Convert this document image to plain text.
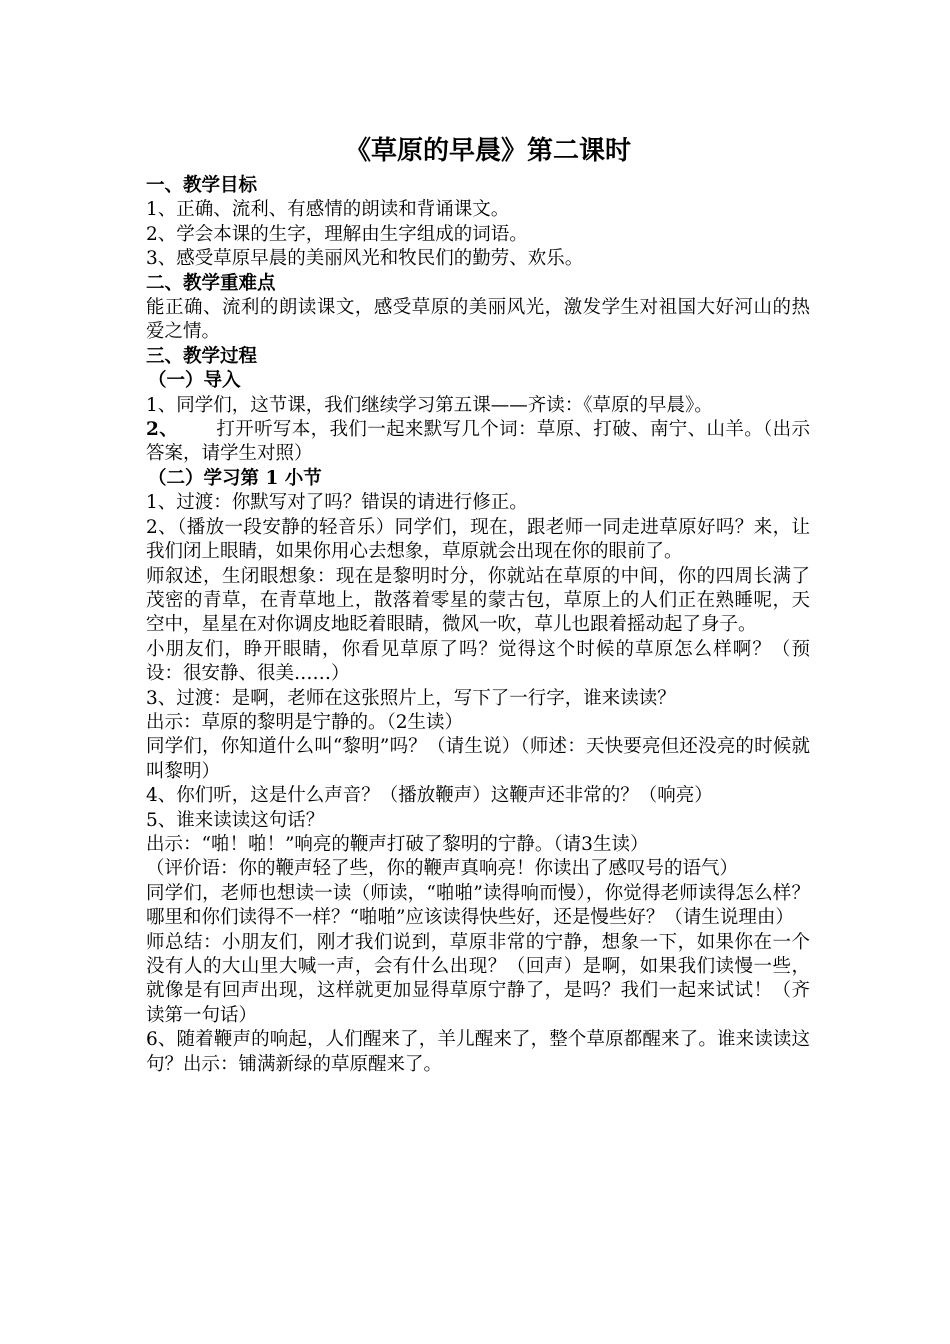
《草原的早晨》第二课时
一、教学目标
1、正确、流利、有感情的朗读和背诵课文。
2、学会本课的生字，理解由生字组成的词语。
3、感受草原早晨的美丽风光和牧民们的勤劳、欢乐。
二、教学重难点

能正确、流利的朗读课文，感受草原的美丽风光，激发学生对祖国大好河山的热爱之情。

三、教学过程
（一）导入

1、同学们，这节课，我们继续学习第五课——齐读：《草原的早晨》。

2、 打开听写本，我们一起来默写几个词：草原、打破、南宁、山羊。（出示答案，请学生对照）

（二）学习第 1 小节

1、过渡：你默写对了吗？错误的请进行修正。

2、（播放一段安静的轻音乐）同学们，现在，跟老师一同走进草原好吗？来，让我们闭上眼睛，如果你用心去想象，草原就会出现在你的眼前了。

师叙述，生闭眼想象：现在是黎明时分，你就站在草原的中间，你的四周长满了茂密的青草，在青草地上，散落着零星的蒙古包，草原上的人们正在熟睡呢，天空中，星星在对你调皮地眨着眼睛，微风一吹，草儿也跟着摇动起了身子。

小朋友们，睁开眼睛，你看见草原了吗？觉得这个时候的草原怎么样啊？（预设：很安静、很美……）

3、过渡：是啊，老师在这张照片上，写下了一行字，谁来读读？

出示：草原的黎明是宁静的。（2生读）

同学们，你知道什么叫“黎明”吗？（请生说）（师述：天快要亮但还没亮的时候就叫黎明）

4、你们听，这是什么声音？（播放鞭声）这鞭声还非常的？（响亮）

5、谁来读读这句话？

出示：“啪！啪！”响亮的鞭声打破了黎明的宁静。（请3生读）

（评价语：你的鞭声轻了些，你的鞭声真响亮！你读出了感叹号的语气）

同学们，老师也想读一读（师读，“啪啪”读得响而慢），你觉得老师读得怎么样？哪里和你们读得不一样？“啪啪”应该读得快些好，还是慢些好？（请生说理由）

师总结：小朋友们，刚才我们说到，草原非常的宁静，想象一下，如果你在一个没有人的大山里大喊一声，会有什么出现？（回声）是啊，如果我们读慢一些，就像是有回声出现，这样就更加显得草原宁静了，是吗？我们一起来试试！（齐读第一句话）

6、随着鞭声的响起，人们醒来了，羊儿醒来了，整个草原都醒来了。谁来读读这句？出示：铺满新绿的草原醒来了。
